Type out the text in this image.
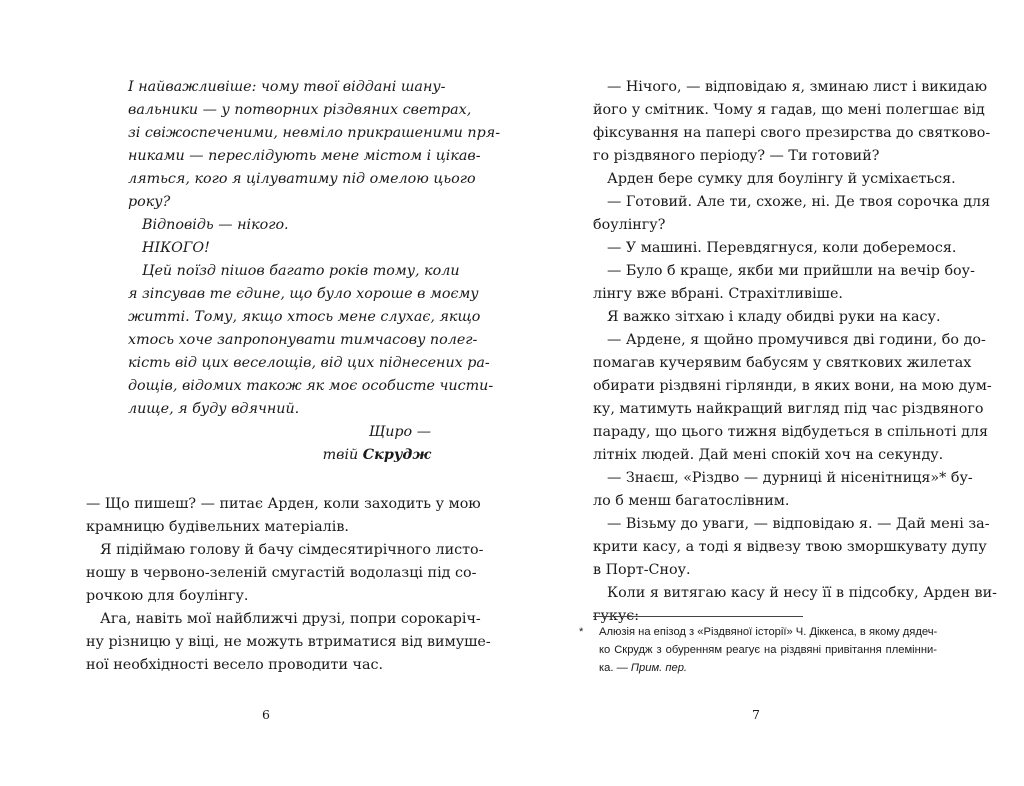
І найважливіше: чому твої віддані шану-
вальники — у потворних різдвяних светрах,
зі свіжоспеченими, невміло прикрашеними пря-
никами — переслідують мене містом і цікав-
ляться, кого я цілуватиму під омелою цього
року?
Відповідь — нікого.
НІКОГО!
Цей поїзд пішов багато років тому, коли
я зіпсував те єдине, що було хороше в моєму
житті. Тому, якщо хтось мене слухає, якщо
хтось хоче запропонувати тимчасову полег-
кість від цих веселощів, від цих піднесених ра-
дощів, відомих також як моє особисте чисти-
лище, я буду вдячний.
Щиро —
твій Скрудж
— Що пишеш? — питає Арден, коли заходить у мою
крамницю будівельних матеріалів.
Я підіймаю голову й бачу сімдесятирічного листо-
ношу в червоно-зеленій смугастій водолазці під со-
рочкою для боулінгу.
Ага, навіть мої найближчі друзі, попри сорокаріч-
ну різницю у віці, не можуть втриматися від вимуше-
ної необхідності весело проводити час.
6
— Нічого, — відповідаю я, зминаю лист і викидаю
його у смітник. Чому я гадав, що мені полегшає від
фіксування на папері свого презирства до святково-
го різдвяного періоду? — Ти готовий?
Арден бере сумку для боулінгу й усміхається.
— Готовий. Але ти, схоже, ні. Де твоя сорочка для
боулінгу?
— У машині. Перевдягнуся, коли доберемося.
— Було б краще, якби ми прийшли на вечір боу-
лінгу вже вбрані. Страхітливіше.
Я важко зітхаю і кладу обидві руки на касу.
— Ардене, я щойно промучився дві години, бо до-
помагав кучерявим бабусям у святкових жилетах
обирати різдвяні гірлянди, в яких вони, на мою дум-
ку, матимуть найкращий вигляд під час різдвяного
параду, що цього тижня відбудеться в спільноті для
літніх людей. Дай мені спокій хоч на секунду.
— Знаєш, «Різдво — дурниці й нісенітниця»* бу-
ло б менш багатослівним.
— Візьму до уваги, — відповідаю я. — Дай мені за-
крити касу, а тоді я відвезу твою зморшкувату дупу
в Порт-Сноу.
Коли я витягаю касу й несу її в підсобку, Арден ви-
гукує:
*	Алюзія на епізод з «Різдвяної історії» Ч. Діккенса, в якому дядеч-
ко Скрудж з обуренням реагує на різдвяні привітання племінни-
ка. — Прим. пер.
7
